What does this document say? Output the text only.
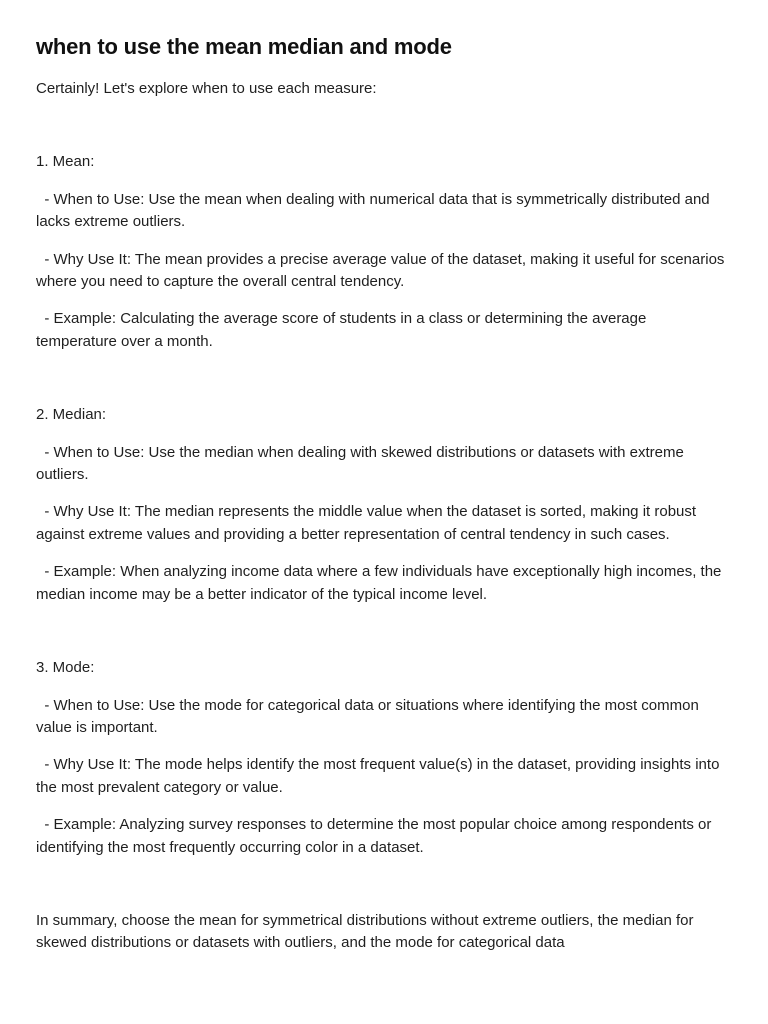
when to use the mean median and mode

Certainly! Let's explore when to use each measure:

1. Mean:

- When to Use: Use the mean when dealing with numerical data that is symmetrically distributed and lacks extreme outliers.

- Why Use It: The mean provides a precise average value of the dataset, making it useful for scenarios where you need to capture the overall central tendency.

- Example: Calculating the average score of students in a class or determining the average temperature over a month.

2. Median:

- When to Use: Use the median when dealing with skewed distributions or datasets with extreme outliers.

- Why Use It: The median represents the middle value when the dataset is sorted, making it robust against extreme values and providing a better representation of central tendency in such cases.

- Example: When analyzing income data where a few individuals have exceptionally high incomes, the median income may be a better indicator of the typical income level.

3. Mode:

- When to Use: Use the mode for categorical data or situations where identifying the most common value is important.

- Why Use It: The mode helps identify the most frequent value(s) in the dataset, providing insights into the most prevalent category or value.

- Example: Analyzing survey responses to determine the most popular choice among respondents or identifying the most frequently occurring color in a dataset.

In summary, choose the mean for symmetrical distributions without extreme outliers, the median for skewed distributions or datasets with outliers, and the mode for categorical data
